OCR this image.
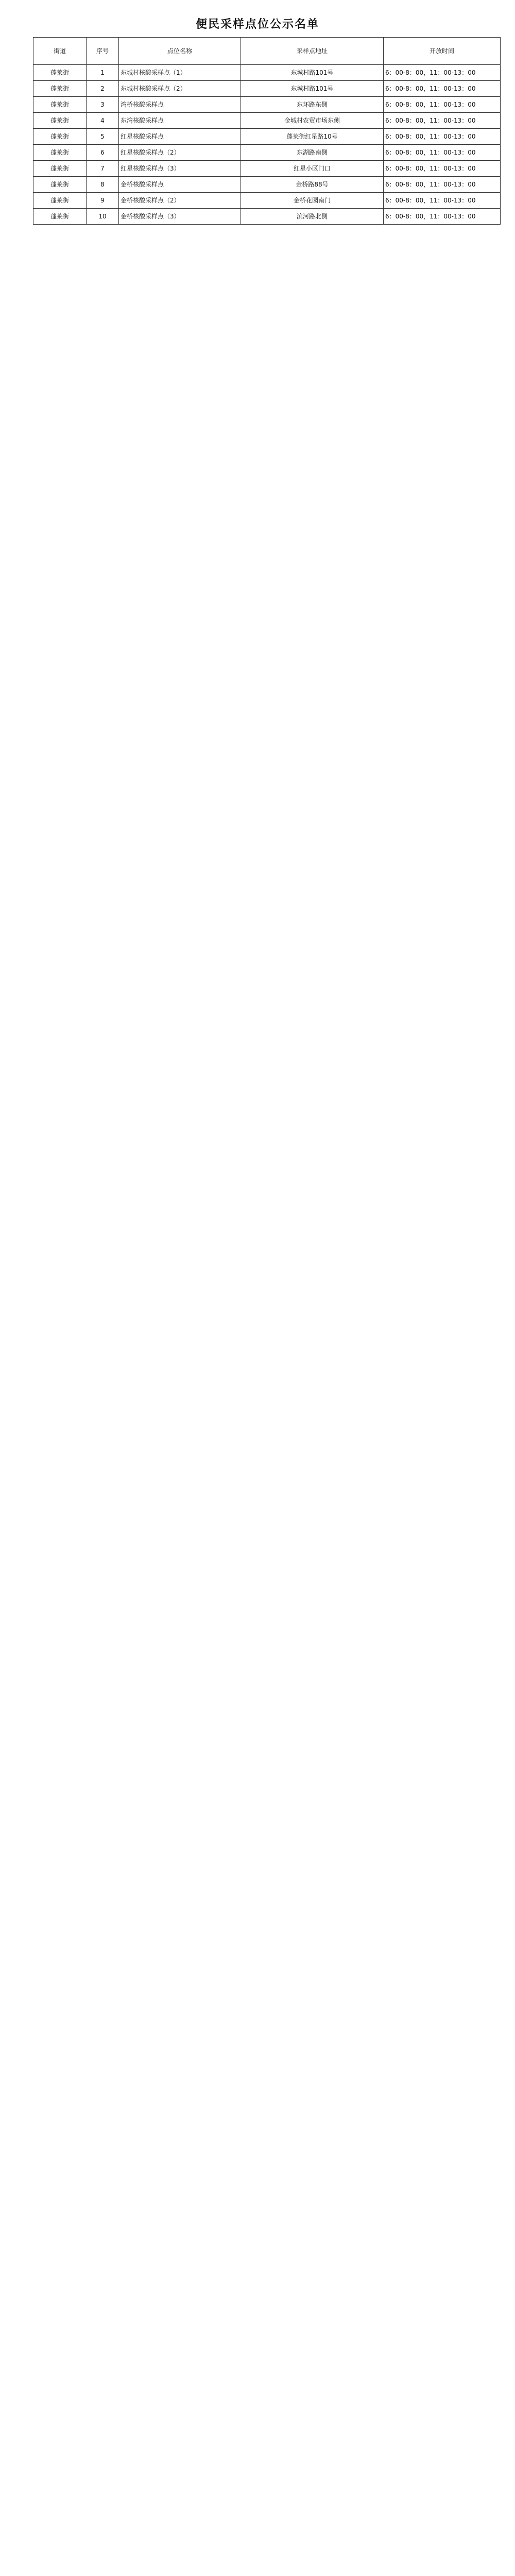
便民采样点位公示名单
街道	序号	点位名称	采样点地址	开放时间
蓬莱街	1	东城村核酸采样点（1）	东城村路101号	6：00-8：00，11：00-13：00
蓬莱街	2	东城村核酸采样点（2）	东城村路101号	6：00-8：00，11：00-13：00
蓬莱街	3	湾桥核酸采样点	东环路东侧	6：00-8：00，11：00-13：00
蓬莱街	4	东湾核酸采样点	金城村农贸市场东侧	6：00-8：00，11：00-13：00
蓬莱街	5	红星核酸采样点	蓬莱街红星路10号	6：00-8：00，11：00-13：00
蓬莱街	6	红星核酸采样点（2）	东湖路南侧	6：00-8：00，11：00-13：00
蓬莱街	7	红星核酸采样点（3）	红星小区门口	6：00-8：00，11：00-13：00
蓬莱街	8	金桥核酸采样点	金桥路88号	6：00-8：00，11：00-13：00
蓬莱街	9	金桥核酸采样点（2）	金桥花园南门	6：00-8：00，11：00-13：00
蓬莱街	10	金桥核酸采样点（3）	滨河路北侧	6：00-8：00，11：00-13：00
